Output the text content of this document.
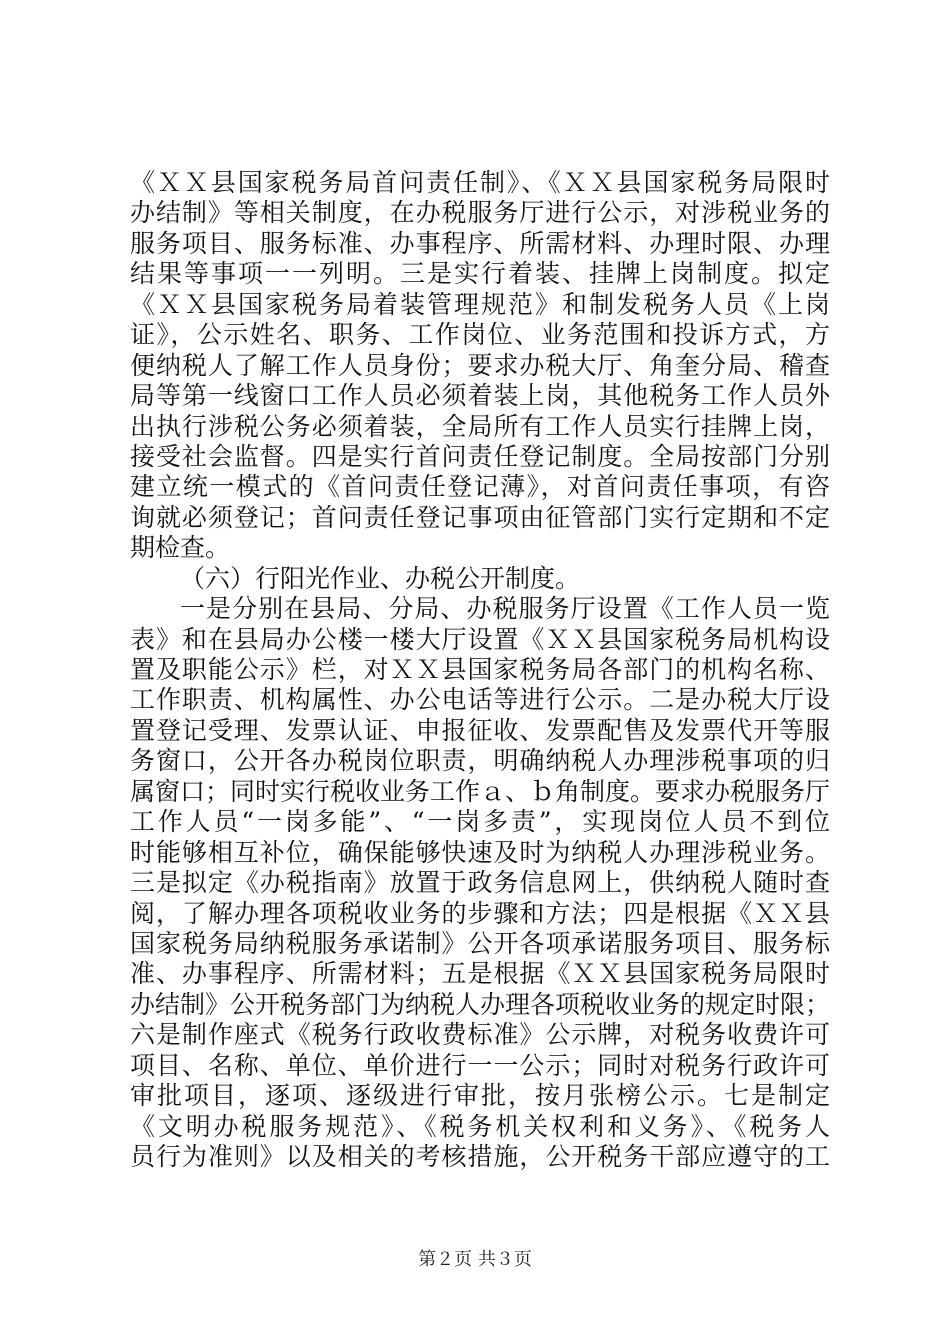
《ＸＸ县国家税务局首问责任制》、《ＸＸ县国家税务局限时
办结制》等相关制度，在办税服务厅进行公示，对涉税业务的
服务项目、服务标准、办事程序、所需材料、办理时限、办理
结果等事项一一列明。三是实行着装、挂牌上岗制度。拟定
《ＸＸ县国家税务局着装管理规范》和制发税务人员《上岗
证》，公示姓名、职务、工作岗位、业务范围和投诉方式，方
便纳税人了解工作人员身份；要求办税大厅、角奎分局、稽查
局等第一线窗口工作人员必须着装上岗，其他税务工作人员外
出执行涉税公务必须着装，全局所有工作人员实行挂牌上岗，
接受社会监督。四是实行首问责任登记制度。全局按部门分别
建立统一模式的《首问责任登记薄》，对首问责任事项，有咨
询就必须登记；首问责任登记事项由征管部门实行定期和不定
期检查。
（六）行阳光作业、办税公开制度。
一是分别在县局、分局、办税服务厅设置《工作人员一览
表》和在县局办公楼一楼大厅设置《ＸＸ县国家税务局机构设
置及职能公示》栏，对ＸＸ县国家税务局各部门的机构名称、
工作职责、机构属性、办公电话等进行公示。二是办税大厅设
置登记受理、发票认证、申报征收、发票配售及发票代开等服
务窗口，公开各办税岗位职责，明确纳税人办理涉税事项的归
属窗口；同时实行税收业务工作ａ、ｂ角制度。要求办税服务厅
工作人员“一岗多能”、“一岗多责”，实现岗位人员不到位
时能够相互补位，确保能够快速及时为纳税人办理涉税业务。
三是拟定《办税指南》放置于政务信息网上，供纳税人随时查
阅，了解办理各项税收业务的步骤和方法；四是根据《ＸＸ县
国家税务局纳税服务承诺制》公开各项承诺服务项目、服务标
准、办事程序、所需材料；五是根据《ＸＸ县国家税务局限时
办结制》公开税务部门为纳税人办理各项税收业务的规定时限；
六是制作座式《税务行政收费标准》公示牌，对税务收费许可
项目、名称、单位、单价进行一一公示；同时对税务行政许可
审批项目，逐项、逐级进行审批，按月张榜公示。七是制定
《文明办税服务规范》、《税务机关权利和义务》、《税务人
员行为准则》以及相关的考核措施，公开税务干部应遵守的工
第２页 共３页
